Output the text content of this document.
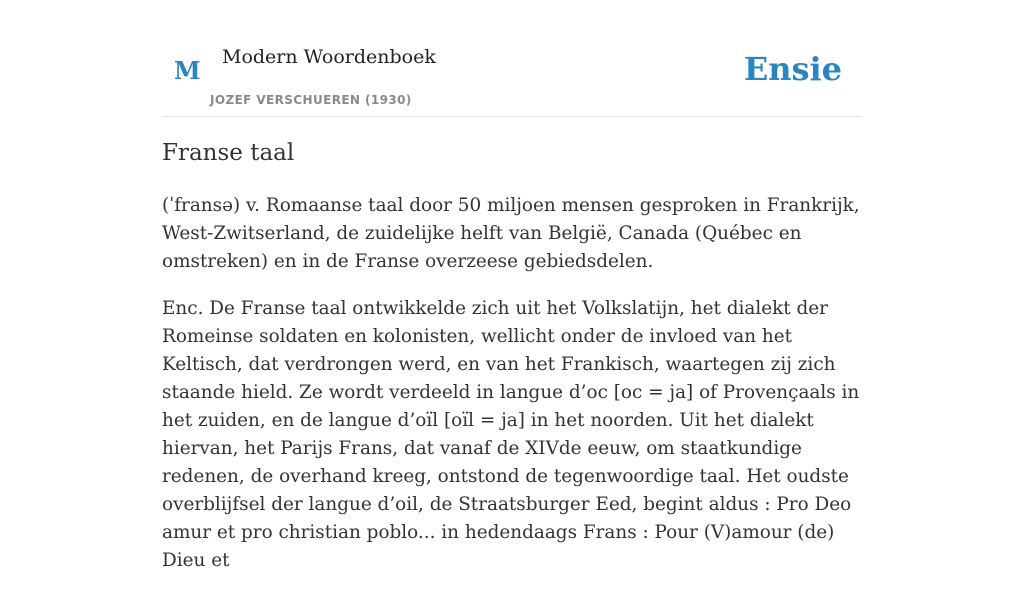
M Modern Woordenboek
JOZEF VERSCHUEREN (1930)
Ensie
Franse taal

(ˈfransə) v. Romaanse taal door 50 miljoen mensen gesproken in Frankrijk, West-Zwitserland, de zuidelijke helft van België, Canada (Québec en omstreken) en in de Franse overzeese gebiedsdelen.

Enc. De Franse taal ontwikkelde zich uit het Volkslatijn, het dialekt der Romeinse soldaten en kolonisten, wellicht onder de invloed van het Keltisch, dat verdrongen werd, en van het Frankisch, waartegen zij zich staande hield. Ze wordt verdeeld in langue d’oc [oc = ja] of Provençaals in het zuiden, en de langue d’oïl [oïl = ja] in het noorden. Uit het dialekt hiervan, het Parijs Frans, dat vanaf de XIVde eeuw, om staatkundige redenen, de overhand kreeg, ontstond de tegenwoordige taal. Het oudste overblijfsel der langue d’oil, de Straatsburger Eed, begint aldus : Pro Deo amur et pro christian poblo... in hedendaags Frans : Pour (V)amour (de) Dieu et
